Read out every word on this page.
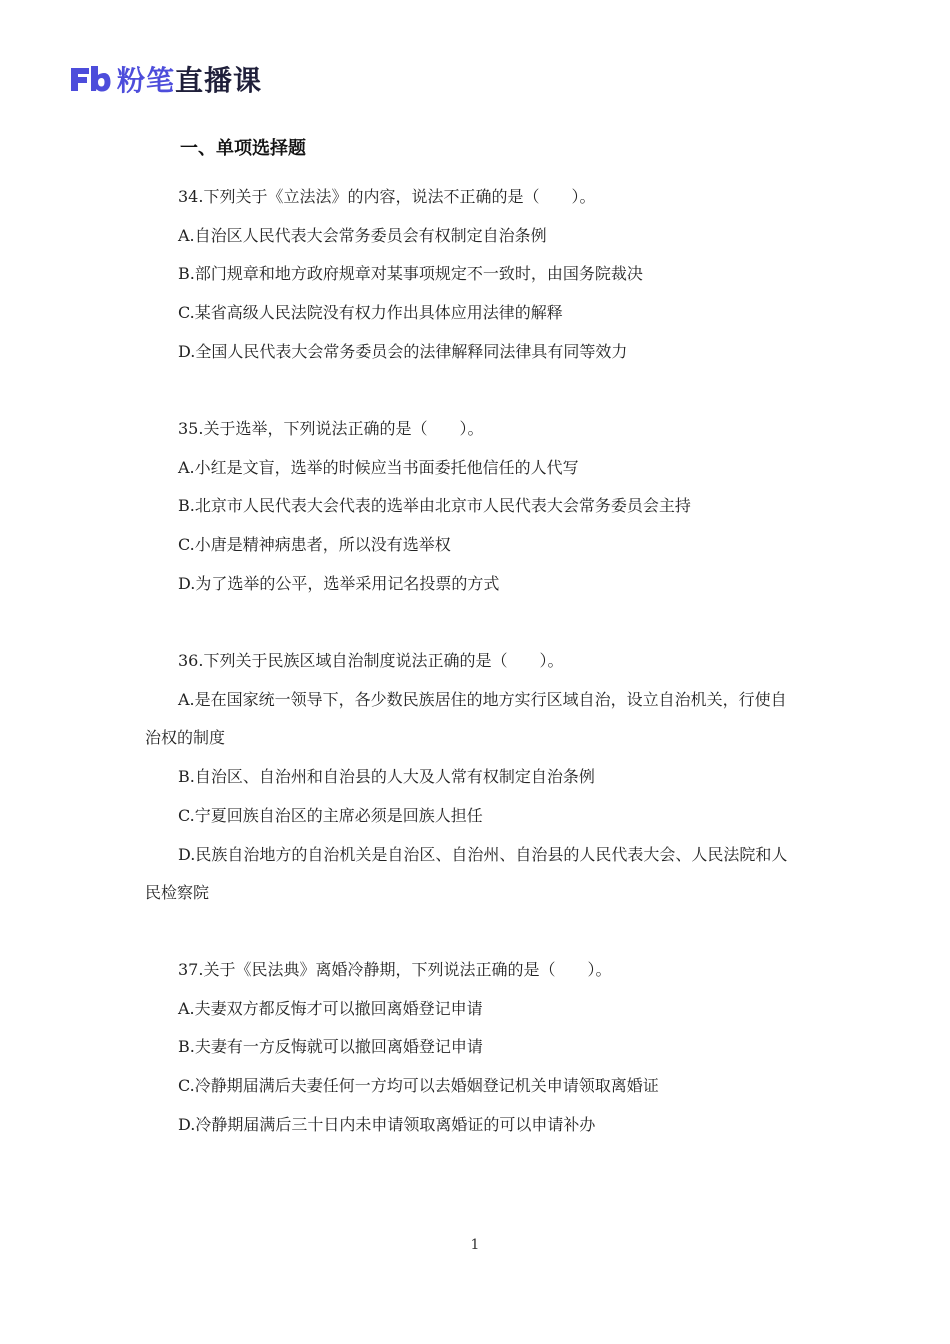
粉笔直播课
一、单项选择题
34.下列关于《立法法》的内容，说法不正确的是（　　）。
A.自治区人民代表大会常务委员会有权制定自治条例
B.部门规章和地方政府规章对某事项规定不一致时，由国务院裁决
C.某省高级人民法院没有权力作出具体应用法律的解释
D.全国人民代表大会常务委员会的法律解释同法律具有同等效力
35.关于选举，下列说法正确的是（　　）。
A.小红是文盲，选举的时候应当书面委托他信任的人代写
B.北京市人民代表大会代表的选举由北京市人民代表大会常务委员会主持
C.小唐是精神病患者，所以没有选举权
D.为了选举的公平，选举采用记名投票的方式
36.下列关于民族区域自治制度说法正确的是（　　）。
A.是在国家统一领导下，各少数民族居住的地方实行区域自治，设立自治机关，行使自
治权的制度
B.自治区、自治州和自治县的人大及人常有权制定自治条例
C.宁夏回族自治区的主席必须是回族人担任
D.民族自治地方的自治机关是自治区、自治州、自治县的人民代表大会、人民法院和人
民检察院
37.关于《民法典》离婚冷静期，下列说法正确的是（　　）。
A.夫妻双方都反悔才可以撤回离婚登记申请
B.夫妻有一方反悔就可以撤回离婚登记申请
C.冷静期届满后夫妻任何一方均可以去婚姻登记机关申请领取离婚证
D.冷静期届满后三十日内未申请领取离婚证的可以申请补办
1
